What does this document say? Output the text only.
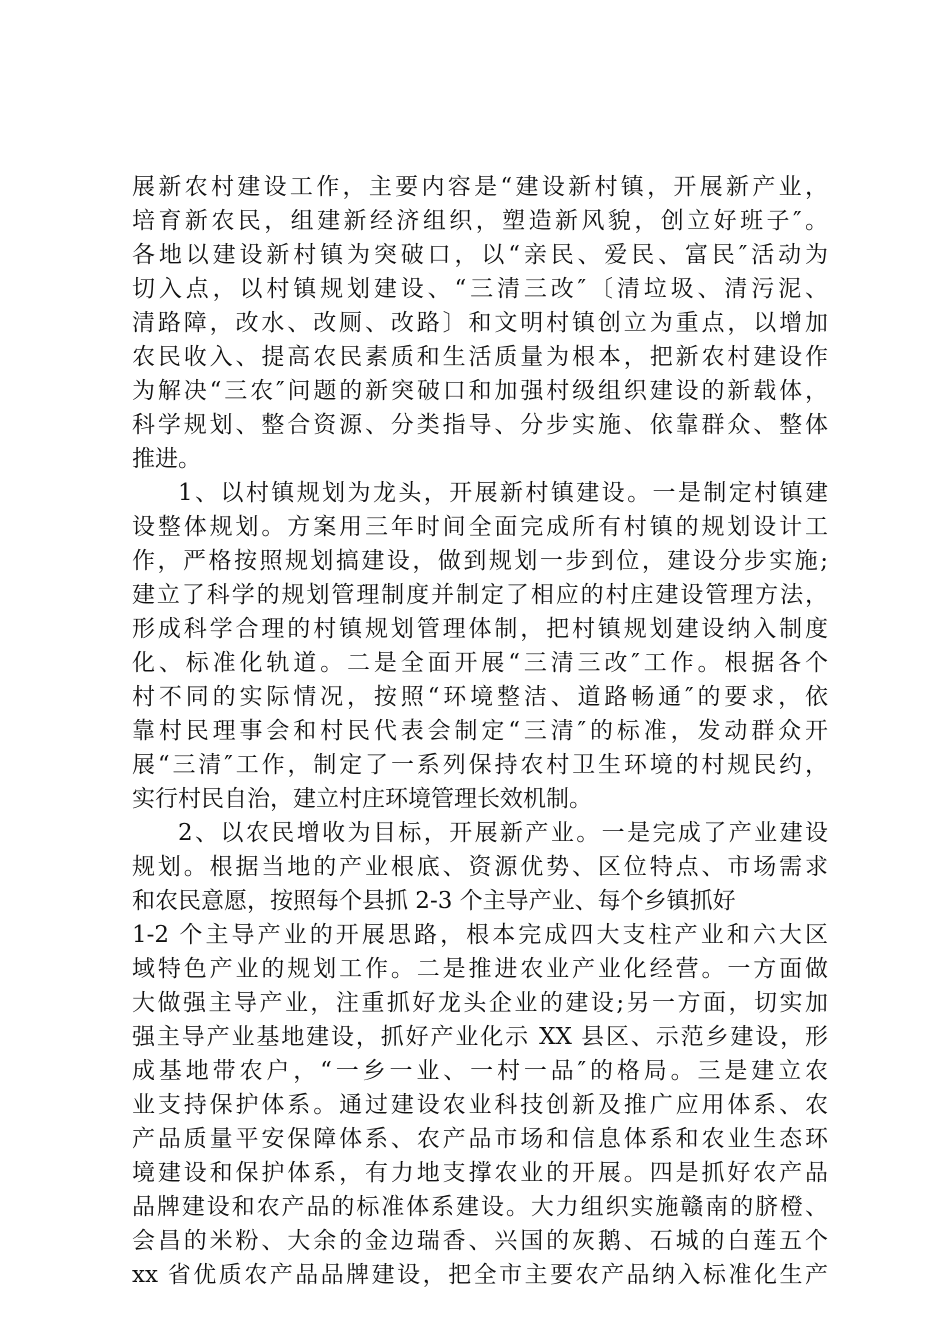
展新农村建设工作，主要内容是“建设新村镇，开展新产业，
培育新农民，组建新经济组织，塑造新风貌，创立好班子″。
各地以建设新村镇为突破口，以“亲民、爱民、富民″活动为
切入点，以村镇规划建设、“三清三改″〔清垃圾、清污泥、
清路障，改水、改厕、改路〕和文明村镇创立为重点，以增加
农民收入、提高农民素质和生活质量为根本，把新农村建设作
为解决“三农″问题的新突破口和加强村级组织建设的新载体，
科学规划、整合资源、分类指导、分步实施、依靠群众、整体
推进。
1、以村镇规划为龙头，开展新村镇建设。一是制定村镇建
设整体规划。方案用三年时间全面完成所有村镇的规划设计工
作，严格按照规划搞建设，做到规划一步到位，建设分步实施;
建立了科学的规划管理制度并制定了相应的村庄建设管理方法，
形成科学合理的村镇规划管理体制，把村镇规划建设纳入制度
化、标准化轨道。二是全面开展“三清三改″工作。根据各个
村不同的实际情况，按照“环境整洁、道路畅通″的要求，依
靠村民理事会和村民代表会制定“三清″的标准，发动群众开
展“三清″工作，制定了一系列保持农村卫生环境的村规民约，
实行村民自治，建立村庄环境管理长效机制。
2、以农民增收为目标，开展新产业。一是完成了产业建设
规划。根据当地的产业根底、资源优势、区位特点、市场需求
和农民意愿，按照每个县抓 2-3 个主导产业、每个乡镇抓好
1-2 个主导产业的开展思路，根本完成四大支柱产业和六大区
域特色产业的规划工作。二是推进农业产业化经营。一方面做
大做强主导产业，注重抓好龙头企业的建设;另一方面，切实加
强主导产业基地建设，抓好产业化示 XX 县区、示范乡建设，形
成基地带农户，“一乡一业、一村一品″的格局。三是建立农
业支持保护体系。通过建设农业科技创新及推广应用体系、农
产品质量平安保障体系、农产品市场和信息体系和农业生态环
境建设和保护体系，有力地支撑农业的开展。四是抓好农产品
品牌建设和农产品的标准体系建设。大力组织实施赣南的脐橙、
会昌的米粉、大余的金边瑞香、兴国的灰鹅、石城的白莲五个
xx 省优质农产品品牌建设，把全市主要农产品纳入标准化生产
